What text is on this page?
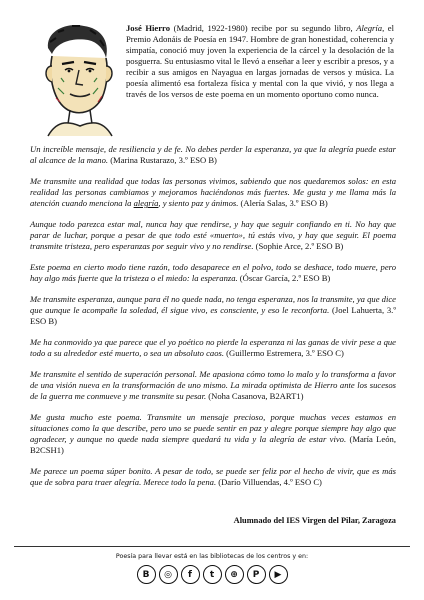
José Hierro (Madrid, 1922-1980) recibe por su segundo libro, Alegría, el Premio Adonáis de Poesía en 1947. Hombre de gran honestidad, coherencia y simpatía, conoció muy joven la experiencia de la cárcel y la desolación de la posguerra. Su entusiasmo vital le llevó a enseñar a leer y escribir a presos, y a recibir a sus amigos en Nayagua en largas jornadas de versos y música. La poesía alimentó esa fortaleza física y mental con la que vivió, y nos llega a través de los versos de este poema en un momento oportuno como nunca.

Un increíble mensaje, de resiliencia y de fe. No debes perder la esperanza, ya que la alegría puede estar al alcance de la mano. (Marina Rustarazo, 3.º ESO B)

Me transmite una realidad que todas las personas vivimos, sabiendo que nos quedaremos solos: en esta realidad las personas cambiamos y mejoramos haciéndonos más fuertes. Me gusta y me llama más la atención cuando menciona la alegría, y siento paz y ánimos. (Alería Salas, 3.º ESO B)

Aunque todo parezca estar mal, nunca hay que rendirse, y hay que seguir confiando en ti. No hay que parar de luchar, porque a pesar de que todo esté «muerto», tú estás vivo, y hay que seguir. El poema transmite tristeza, pero esperanzas por seguir vivo y no rendirse. (Sophie Arce, 2.º ESO B)

Este poema en cierto modo tiene razón, todo desaparece en el polvo, todo se deshace, todo muere, pero hay algo más fuerte que la tristeza o el miedo: la esperanza. (Óscar García, 2.º ESO B)

Me transmite esperanza, aunque para él no quede nada, no tenga esperanza, nos la transmite, ya que dice que aunque le acompañe la soledad, él sigue vivo, es consciente, y eso le reconforta. (Joel Lahuerta, 3.º ESO B)

Me ha conmovido ya que parece que el yo poético no pierde la esperanza ni las ganas de vivir pese a que todo a su alrededor esté muerto, o sea un absoluto caos. (Guillermo Estremera, 3.º ESO C)

Me transmite el sentido de superación personal. Me apasiona cómo tomo lo malo y lo transforma a favor de una visión nueva en la transformación de uno mismo. La mirada optimista de Hierro ante los sucesos de la guerra me conmueve y me transmite su pesar. (Noha Casanova, B2ART1)

Me gusta mucho este poema. Transmite un mensaje precioso, porque muchas veces estamos en situaciones como la que describe, pero uno se puede sentir en paz y alegre porque siempre hay algo que agradecer, y aunque no quede nada siempre quedará tu vida y la alegría de estar vivo. (María León, B2CSH1)

Me parece un poema súper bonito. A pesar de todo, se puede ser feliz por el hecho de vivir, que es más que de sobra para traer alegría. Merece todo la pena. (Darío Villuendas, 4.º ESO C)

Alumnado del IES Virgen del Pilar, Zaragoza

Poesía para llevar está en las bibliotecas de los centros y en:

B	◎	f	t	⊕	P	▶
